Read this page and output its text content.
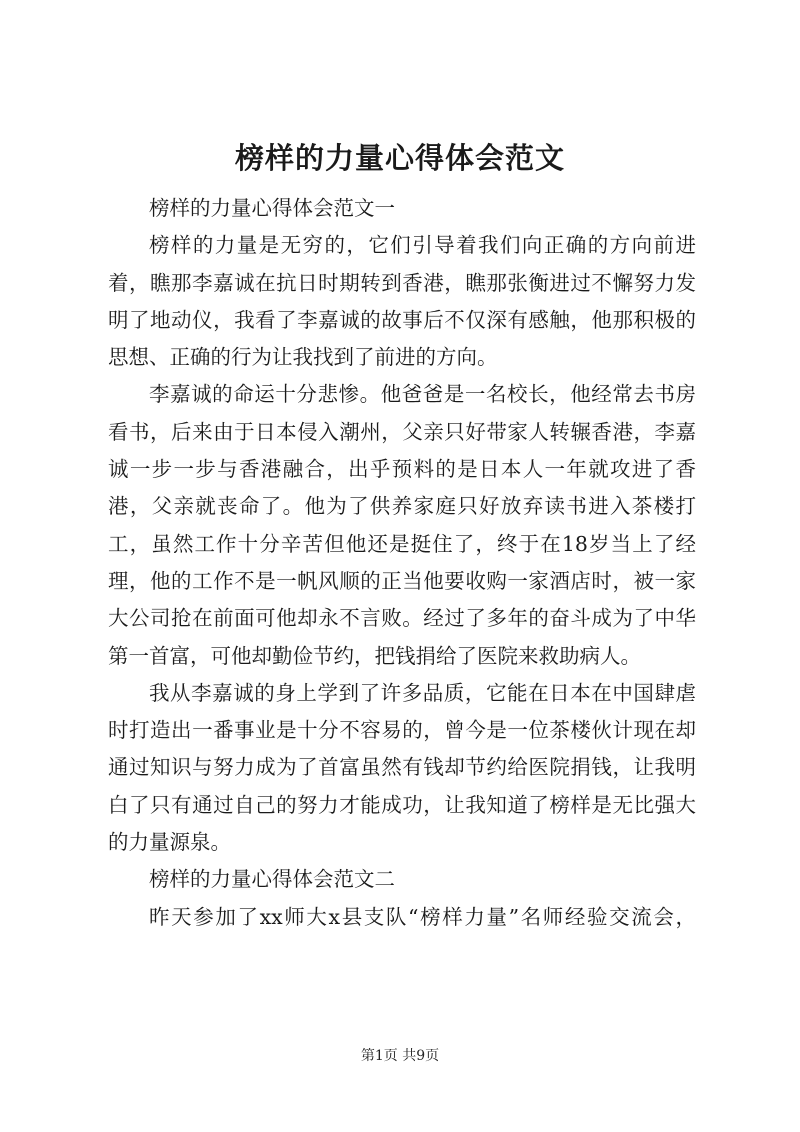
榜样的力量心得体会范文

榜样的力量心得体会范文一

榜样的力量是无穷的，它们引导着我们向正确的方向前进着，瞧那李嘉诚在抗日时期转到香港，瞧那张衡进过不懈努力发明了地动仪，我看了李嘉诚的故事后不仅深有感触，他那积极的思想、正确的行为让我找到了前进的方向。

李嘉诚的命运十分悲惨。他爸爸是一名校长，他经常去书房看书，后来由于日本侵入潮州，父亲只好带家人转辗香港，李嘉诚一步一步与香港融合，出乎预料的是日本人一年就攻进了香港，父亲就丧命了。他为了供养家庭只好放弃读书进入茶楼打工，虽然工作十分辛苦但他还是挺住了，终于在18岁当上了经理，他的工作不是一帆风顺的正当他要收购一家酒店时，被一家大公司抢在前面可他却永不言败。经过了多年的奋斗成为了中华第一首富，可他却勤俭节约，把钱捐给了医院来救助病人。

我从李嘉诚的身上学到了许多品质，它能在日本在中国肆虐时打造出一番事业是十分不容易的，曾今是一位茶楼伙计现在却通过知识与努力成为了首富虽然有钱却节约给医院捐钱，让我明白了只有通过自己的努力才能成功，让我知道了榜样是无比强大的力量源泉。

榜样的力量心得体会范文二

昨天参加了xx师大x县支队“榜样力量”名师经验交流会，

第1页 共9页
